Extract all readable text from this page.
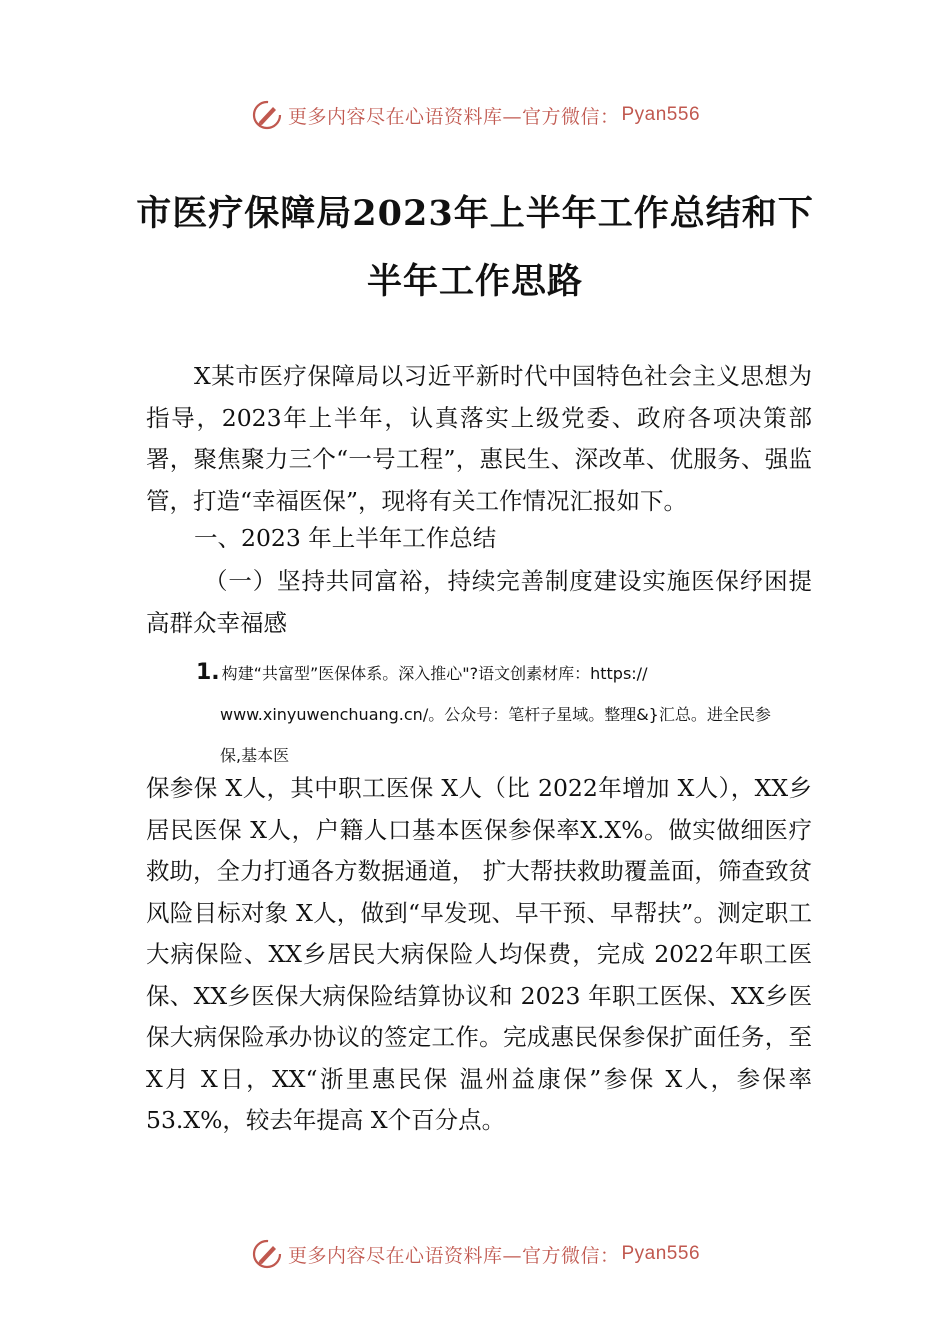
更多内容尽在心语资料库—官方微信： Pyan556
市医疗保障局2023年上半年工作总结和下
半年工作思路
X某市医疗保障局以习近平新时代中国特色社会主义思想为指导，2023年上半年，认真落实上级党委、政府各项决策部署，聚焦聚力三个“一号工程”，惠民生、深改革、优服务、强监管，打造“幸福医保”，现将有关工作情况汇报如下。
一、2023 年上半年工作总结
（一）坚持共同富裕，持续完善制度建设实施医保纾困提高群众幸福感
1. 构建“共富型”医保体系。深入推心"?语文创素材库：https://
www.xinyuwenchuang.cn/。公众号：笔杆子星域。整理&}汇总。进全民参
保,基本医
保参保 X人，其中职工医保 X人（比 2022年增加 X人），XX乡居民医保 X人，户籍人口基本医保参保率X.X%。做实做细医疗救助，全力打通各方数据通道， 扩大帮扶救助覆盖面，筛查致贫风险目标对象 X人，做到“早发现、早干预、早帮扶”。测定职工大病保险、XX乡居民大病保险人均保费，完成 2022年职工医保、XX乡医保大病保险结算协议和 2023 年职工医保、XX乡医保大病保险承办协议的签定工作。完成惠民保参保扩面任务，至 X月 X日，XX“浙里惠民保 温州益康保”参保 X人，参保率53.X%，较去年提高 X个百分点。
更多内容尽在心语资料库—官方微信： Pyan556
